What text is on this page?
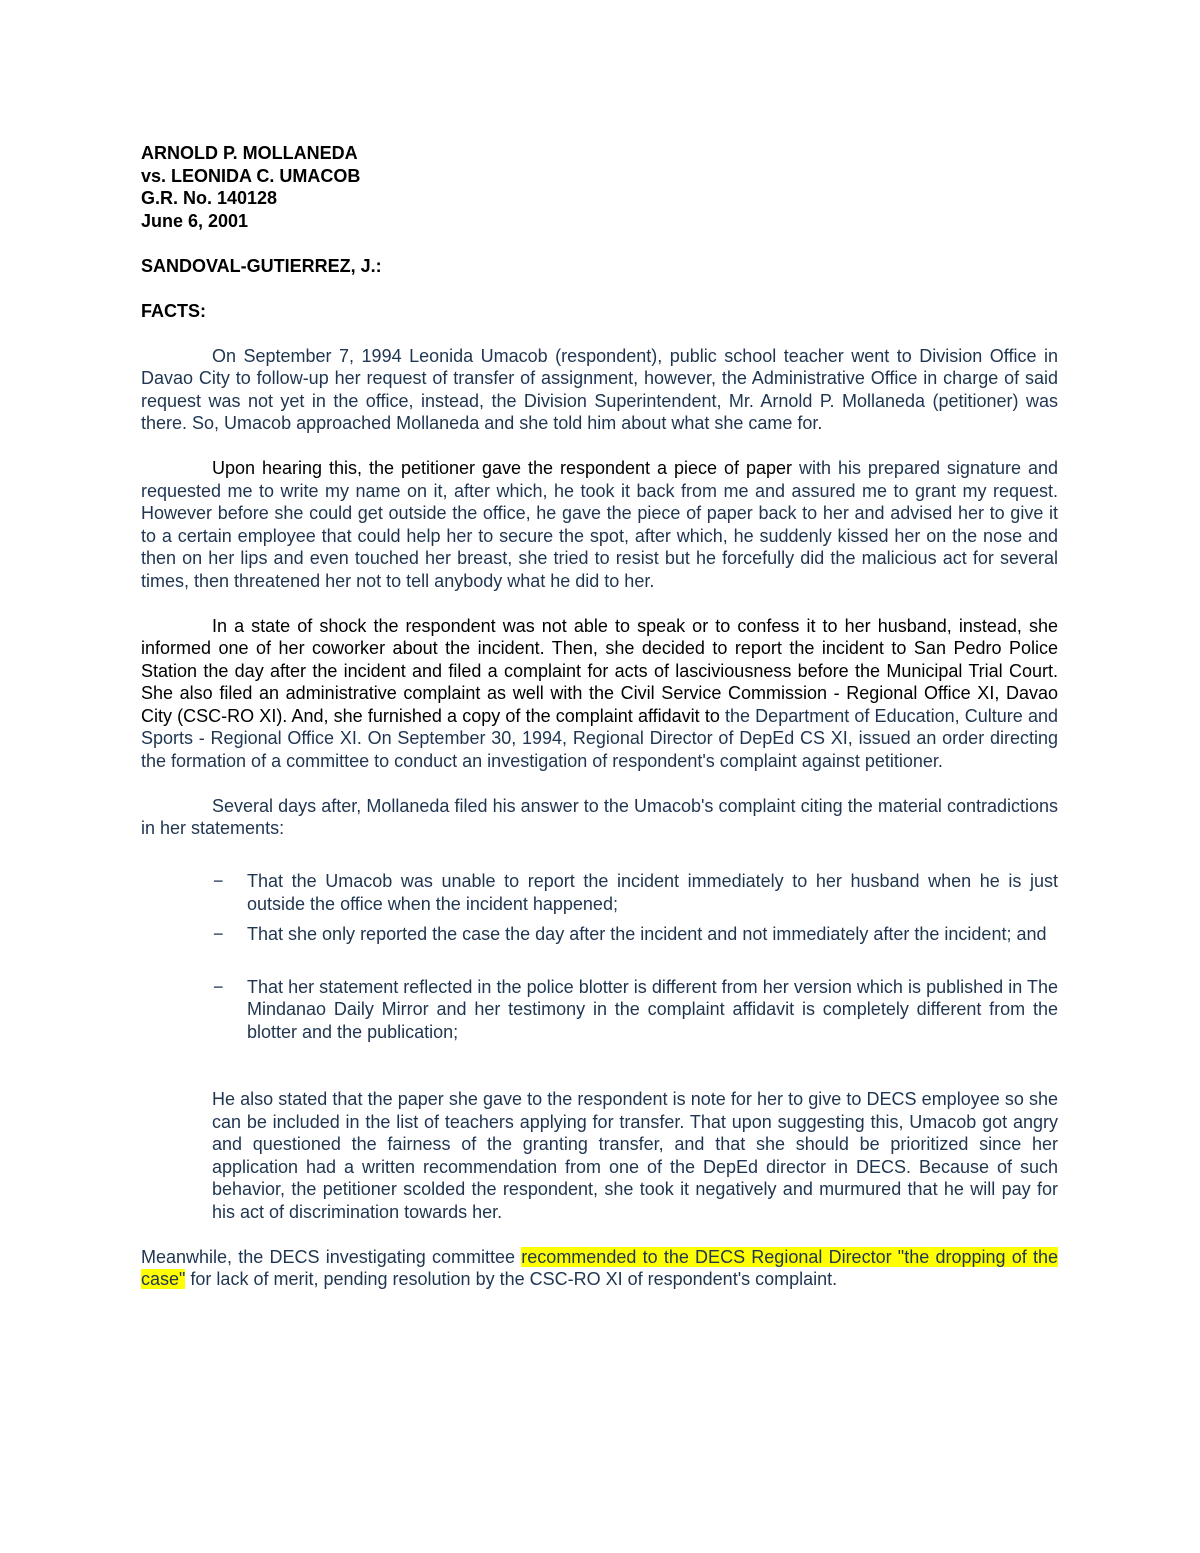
ARNOLD P. MOLLANEDA

vs. LEONIDA C. UMACOB

G.R. No. 140128

June 6, 2001

SANDOVAL-GUTIERREZ, J.:

FACTS:

On September 7, 1994 Leonida Umacob (respondent), public school teacher went to Division Office in Davao City to follow-up her request of transfer of assignment, however, the Administrative Office in charge of said request was not yet in the office, instead, the Division Superintendent, Mr. Arnold P. Mollaneda (petitioner) was there. So, Umacob approached Mollaneda and she told him about what she came for.

Upon hearing this, the petitioner gave the respondent a piece of paper with his prepared signature and requested me to write my name on it, after which, he took it back from me and assured me to grant my request. However before she could get outside the office, he gave the piece of paper back to her and advised her to give it to a certain employee that could help her to secure the spot, after which, he suddenly kissed her on the nose and then on her lips and even touched her breast, she tried to resist but he forcefully did the malicious act for several times, then threatened her not to tell anybody what he did to her.

In a state of shock the respondent was not able to speak or to confess it to her husband, instead, she informed one of her coworker about the incident. Then, she decided to report the incident to San Pedro Police Station the day after the incident and filed a complaint for acts of lasciviousness before the Municipal Trial Court. She also filed an administrative complaint as well with the Civil Service Commission - Regional Office XI, Davao City (CSC-RO XI). And, she furnished a copy of the complaint affidavit to the Department of Education, Culture and Sports - Regional Office XI. On September 30, 1994, Regional Director of DepEd CS XI, issued an order directing the formation of a committee to conduct an investigation of respondent's complaint against petitioner.

Several days after, Mollaneda filed his answer to the Umacob's complaint citing the material contradictions in her statements:

− That the Umacob was unable to report the incident immediately to her husband when he is just outside the office when the incident happened;
− That she only reported the case the day after the incident and not immediately after the incident; and
− That her statement reflected in the police blotter is different from her version which is published in The Mindanao Daily Mirror and her testimony in the complaint affidavit is completely different from the blotter and the publication;

He also stated that the paper she gave to the respondent is note for her to give to DECS employee so she can be included in the list of teachers applying for transfer. That upon suggesting this, Umacob got angry and questioned the fairness of the granting transfer, and that she should be prioritized since her application had a written recommendation from one of the DepEd director in DECS. Because of such behavior, the petitioner scolded the respondent, she took it negatively and murmured that he will pay for his act of discrimination towards her.

Meanwhile, the DECS investigating committee recommended to the DECS Regional Director "the dropping of the case" for lack of merit, pending resolution by the CSC-RO XI of respondent's complaint.
